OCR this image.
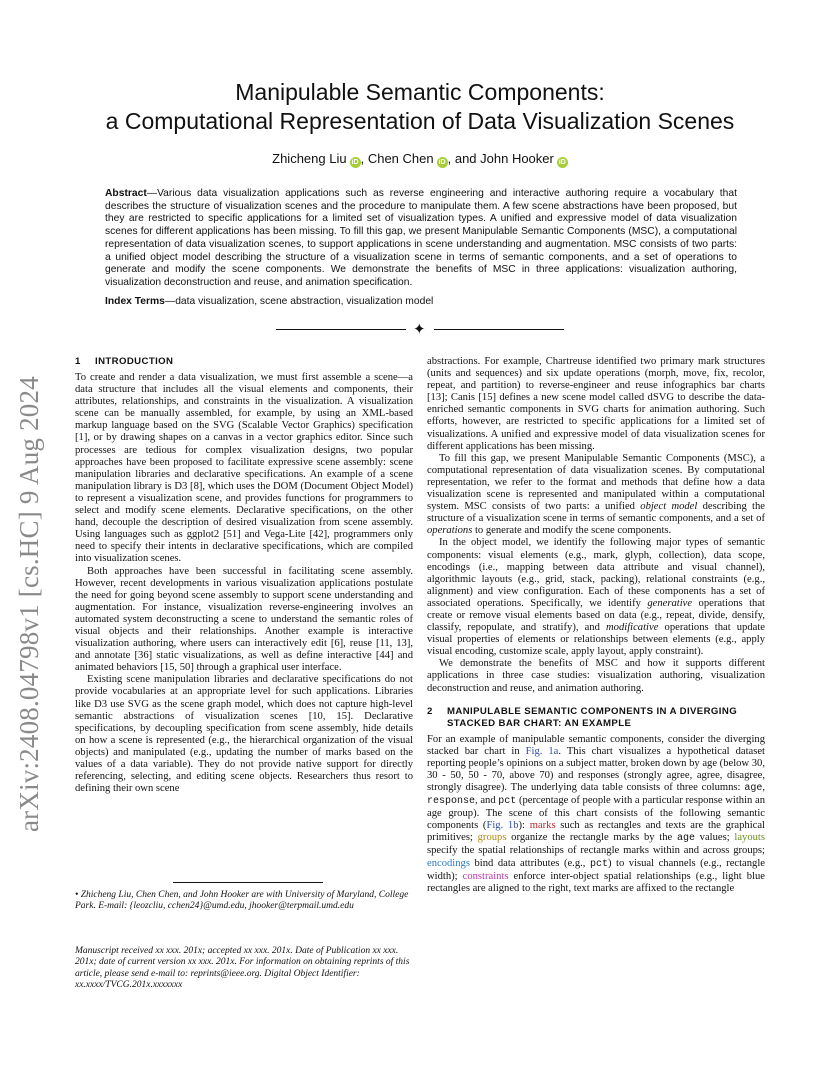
arXiv:2408.04798v1 [cs.HC] 9 Aug 2024
Manipulable Semantic Components:
a Computational Representation of Data Visualization Scenes
Zhicheng Liu iD , Chen Chen iD , and John Hooker iD
Abstract—Various data visualization applications such as reverse engineering and interactive authoring require a vocabulary that describes the structure of visualization scenes and the procedure to manipulate them. A few scene abstractions have been proposed, but they are restricted to specific applications for a limited set of visualization types. A unified and expressive model of data visualization scenes for different applications has been missing. To fill this gap, we present Manipulable Semantic Components (MSC), a computational representation of data visualization scenes, to support applications in scene understanding and augmentation. MSC consists of two parts: a unified object model describing the structure of a visualization scene in terms of semantic components, and a set of operations to generate and modify the scene components. We demonstrate the benefits of MSC in three applications: visualization authoring, visualization deconstruction and reuse, and animation specification.
Index Terms—data visualization, scene abstraction, visualization model
✦
1	INTRODUCTION

To create and render a data visualization, we must first assemble a scene—a data structure that includes all the visual elements and components, their attributes, relationships, and constraints in the visualization. A visualization scene can be manually assembled, for example, by using an XML-based markup language based on the SVG (Scalable Vector Graphics) specification [1], or by drawing shapes on a canvas in a vector graphics editor. Since such processes are tedious for complex visualization designs, two popular approaches have been proposed to facilitate expressive scene assembly: scene manipulation libraries and declarative specifications. An example of a scene manipulation library is D3 [8], which uses the DOM (Document Object Model) to represent a visualization scene, and provides functions for programmers to select and modify scene elements. Declarative specifications, on the other hand, decouple the description of desired visualization from scene assembly. Using languages such as ggplot2 [51] and Vega-Lite [42], programmers only need to specify their intents in declarative specifications, which are compiled into visualization scenes.

Both approaches have been successful in facilitating scene assembly. However, recent developments in various visualization applications postulate the need for going beyond scene assembly to support scene understanding and augmentation. For instance, visualization reverse-engineering involves an automated system deconstructing a scene to understand the semantic roles of visual objects and their relationships. Another example is interactive visualization authoring, where users can interactively edit [6], reuse [11, 13], and annotate [36] static visualizations, as well as define interactive [44] and animated behaviors [15, 50] through a graphical user interface.

Existing scene manipulation libraries and declarative specifications do not provide vocabularies at an appropriate level for such applications. Libraries like D3 use SVG as the scene graph model, which does not capture high-level semantic abstractions of visualization scenes [10, 15]. Declarative specifications, by decoupling specification from scene assembly, hide details on how a scene is represented (e.g., the hierarchical organization of the visual objects) and manipulated (e.g., updating the number of marks based on the values of a data variable). They do not provide native support for directly referencing, selecting, and editing scene objects. Researchers thus resort to defining their own scene

• Zhicheng Liu, Chen Chen, and John Hooker are with University of Maryland, College Park. E-mail: {leozcliu, cchen24}@umd.edu, jhooker@terpmail.umd.edu
Manuscript received xx xxx. 201x; accepted xx xxx. 201x. Date of Publication xx xxx. 201x; date of current version xx xxx. 201x. For information on obtaining reprints of this article, please send e-mail to: reprints@ieee.org. Digital Object Identifier: xx.xxxx/TVCG.201x.xxxxxxx

abstractions. For example, Chartreuse identified two primary mark structures (units and sequences) and six update operations (morph, move, fix, recolor, repeat, and partition) to reverse-engineer and reuse infographics bar charts [13]; Canis [15] defines a new scene model called dSVG to describe the data-enriched semantic components in SVG charts for animation authoring. Such efforts, however, are restricted to specific applications for a limited set of visualizations. A unified and expressive model of data visualization scenes for different applications has been missing.

To fill this gap, we present Manipulable Semantic Components (MSC), a computational representation of data visualization scenes. By computational representation, we refer to the format and methods that define how a data visualization scene is represented and manipulated within a computational system. MSC consists of two parts: a unified object model describing the structure of a visualization scene in terms of semantic components, and a set of operations to generate and modify the scene components.

In the object model, we identify the following major types of semantic components: visual elements (e.g., mark, glyph, collection), data scope, encodings (i.e., mapping between data attribute and visual channel), algorithmic layouts (e.g., grid, stack, packing), relational constraints (e.g., alignment) and view configuration. Each of these components has a set of associated operations. Specifically, we identify generative operations that create or remove visual elements based on data (e.g., repeat, divide, densify, classify, repopulate, and stratify), and modificative operations that update visual properties of elements or relationships between elements (e.g., apply visual encoding, customize scale, apply layout, apply constraint).

We demonstrate the benefits of MSC and how it supports different applications in three case studies: visualization authoring, visualization deconstruction and reuse, and animation authoring.

2	MANIPULABLE SEMANTIC COMPONENTS IN A DIVERGING
STACKED BAR CHART: AN EXAMPLE

For an example of manipulable semantic components, consider the diverging stacked bar chart in Fig. 1a. This chart visualizes a hypothetical dataset reporting people’s opinions on a subject matter, broken down by age (below 30, 30 - 50, 50 - 70, above 70) and responses (strongly agree, agree, disagree, strongly disagree). The underlying data table consists of three columns: age, response, and pct (percentage of people with a particular response within an age group). The scene of this chart consists of the following semantic components (Fig. 1b): marks such as rectangles and texts are the graphical primitives; groups organize the rectangle marks by the age values; layouts specify the spatial relationships of rectangle marks within and across groups; encodings bind data attributes (e.g., pct) to visual channels (e.g., rectangle width); constraints enforce inter-object spatial relationships (e.g., light blue rectangles are aligned to the right, text marks are affixed to the rectangle
